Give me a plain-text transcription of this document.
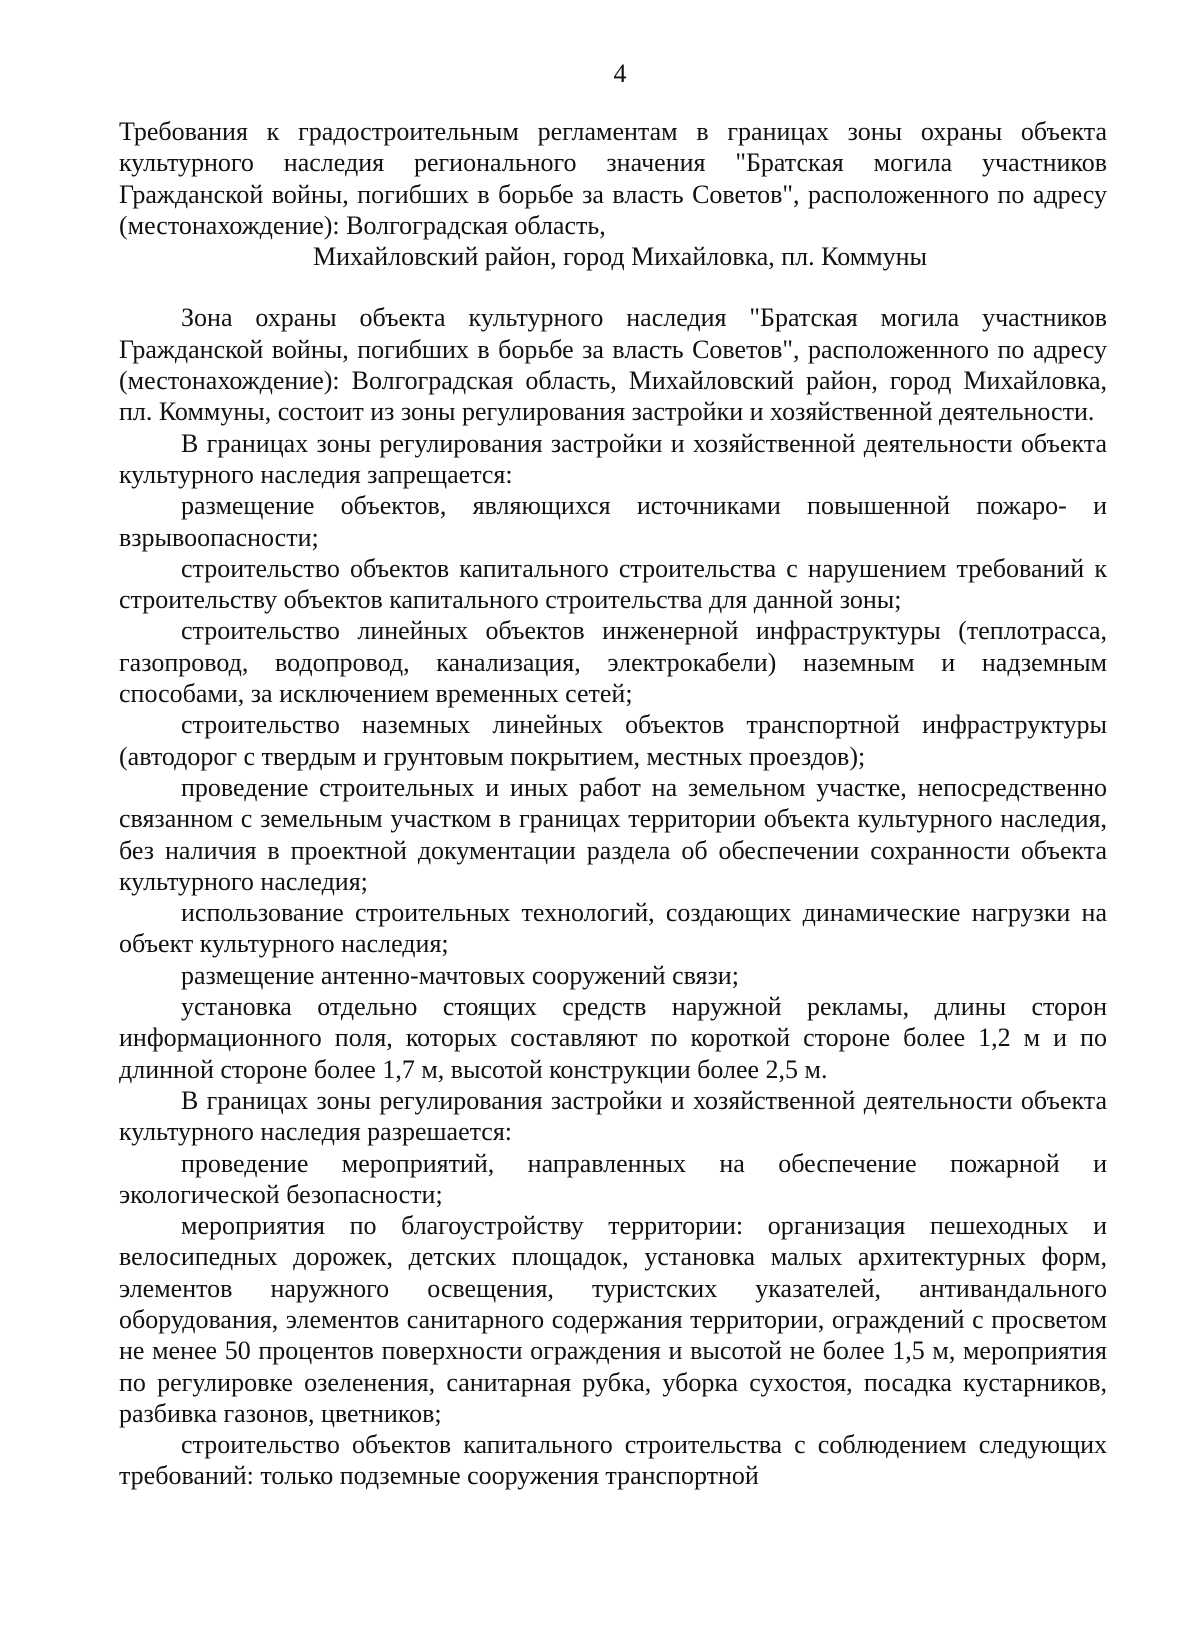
4
Требования к градостроительным регламентам в границах зоны охраны объекта культурного наследия регионального значения "Братская могила участников Гражданской войны, погибших в борьбе за власть Советов", расположенного по адресу (местонахождение): Волгоградская область,
Михайловский район, город Михайловка, пл. Коммуны

Зона охраны объекта культурного наследия "Братская могила участников Гражданской войны, погибших в борьбе за власть Советов", расположенного по адресу (местонахождение): Волгоградская область, Михайловский район, город Михайловка, пл. Коммуны, состоит из зоны регулирования застройки и хозяйственной деятельности.

В границах зоны регулирования застройки и хозяйственной деятельности объекта культурного наследия запрещается:

размещение объектов, являющихся источниками повышенной пожаро- и взрывоопасности;

строительство объектов капитального строительства с нарушением требований к строительству объектов капитального строительства для данной зоны;

строительство линейных объектов инженерной инфраструктуры (теплотрасса, газопровод, водопровод, канализация, электрокабели) наземным и надземным способами, за исключением временных сетей;

строительство наземных линейных объектов транспортной инфраструктуры (автодорог с твердым и грунтовым покрытием, местных проездов);

проведение строительных и иных работ на земельном участке, непосредственно связанном с земельным участком в границах территории объекта культурного наследия, без наличия в проектной документации раздела об обеспечении сохранности объекта культурного наследия;

использование строительных технологий, создающих динамические нагрузки на объект культурного наследия;

размещение антенно-мачтовых сооружений связи;

установка отдельно стоящих средств наружной рекламы, длины сторон информационного поля, которых составляют по короткой стороне более 1,2 м и по длинной стороне более 1,7 м, высотой конструкции более 2,5 м.

В границах зоны регулирования застройки и хозяйственной деятельности объекта культурного наследия разрешается:

проведение мероприятий, направленных на обеспечение пожарной и экологической безопасности;

мероприятия по благоустройству территории: организация пешеходных и велосипедных дорожек, детских площадок, установка малых архитектурных форм, элементов наружного освещения, туристских указателей, антивандального оборудования, элементов санитарного содержания территории, ограждений с просветом не менее 50 процентов поверхности ограждения и высотой не более 1,5 м, мероприятия по регулировке озеленения, санитарная рубка, уборка сухостоя, посадка кустарников, разбивка газонов, цветников;

строительство объектов капитального строительства с соблюдением следующих требований: только подземные сооружения транспортной
